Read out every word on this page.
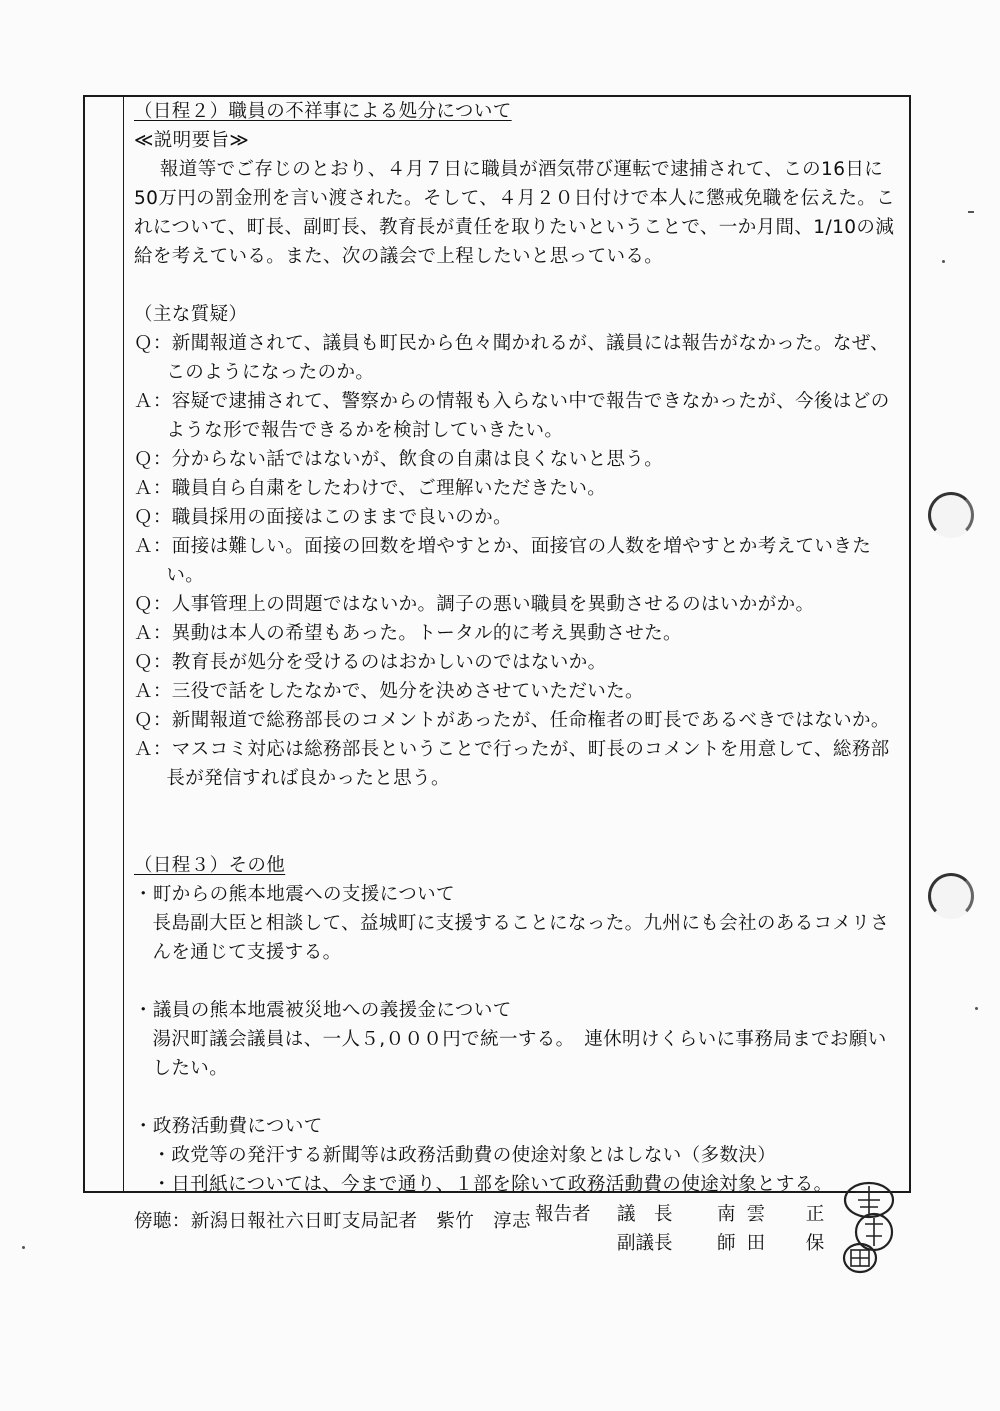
（日程２）職員の不祥事による処分について

≪説明要旨≫

報道等でご存じのとおり、４月７日に職員が酒気帯び運転で逮捕されて、この16日に50万円の罰金刑を言い渡された。そして、４月２０日付けで本人に懲戒免職を伝えた。これについて、町長、副町長、教育長が責任を取りたいということで、一か月間、1/10の減給を考えている。また、次の議会で上程したいと思っている。

（主な質疑）

Ｑ：新聞報道されて、議員も町民から色々聞かれるが、議員には報告がなかった。なぜ、このようになったのか。

Ａ：容疑で逮捕されて、警察からの情報も入らない中で報告できなかったが、今後はどのような形で報告できるかを検討していきたい。

Ｑ：分からない話ではないが、飲食の自粛は良くないと思う。

Ａ：職員自ら自粛をしたわけで、ご理解いただきたい。

Ｑ：職員採用の面接はこのままで良いのか。

Ａ：面接は難しい。面接の回数を増やすとか、面接官の人数を増やすとか考えていきたい。

Ｑ：人事管理上の問題ではないか。調子の悪い職員を異動させるのはいかがか。

Ａ：異動は本人の希望もあった。トータル的に考え異動させた。

Ｑ：教育長が処分を受けるのはおかしいのではないか。

Ａ：三役で話をしたなかで、処分を決めさせていただいた。

Ｑ：新聞報道で総務部長のコメントがあったが、任命権者の町長であるべきではないか。

Ａ：マスコミ対応は総務部長ということで行ったが、町長のコメントを用意して、総務部長が発信すれば良かったと思う。

（日程３）その他

・町からの熊本地震への支援について

長島副大臣と相談して、益城町に支援することになった。九州にも会社のあるコメリさんを通じて支援する。

・議員の熊本地震被災地への義援金について

湯沢町議会議員は、一人５,０００円で統一する。　連休明けくらいに事務局までお願いしたい。

・政務活動費について

・政党等の発汗する新聞等は政務活動費の使途対象とはしない（多数決）

・日刊紙については、今まで通り、１部を除いて政務活動費の使途対象とする。

傍聴：新潟日報社六日町支局記者　紫竹　淳志 報告者 議　長	南雲　正
副議長	師田　保
